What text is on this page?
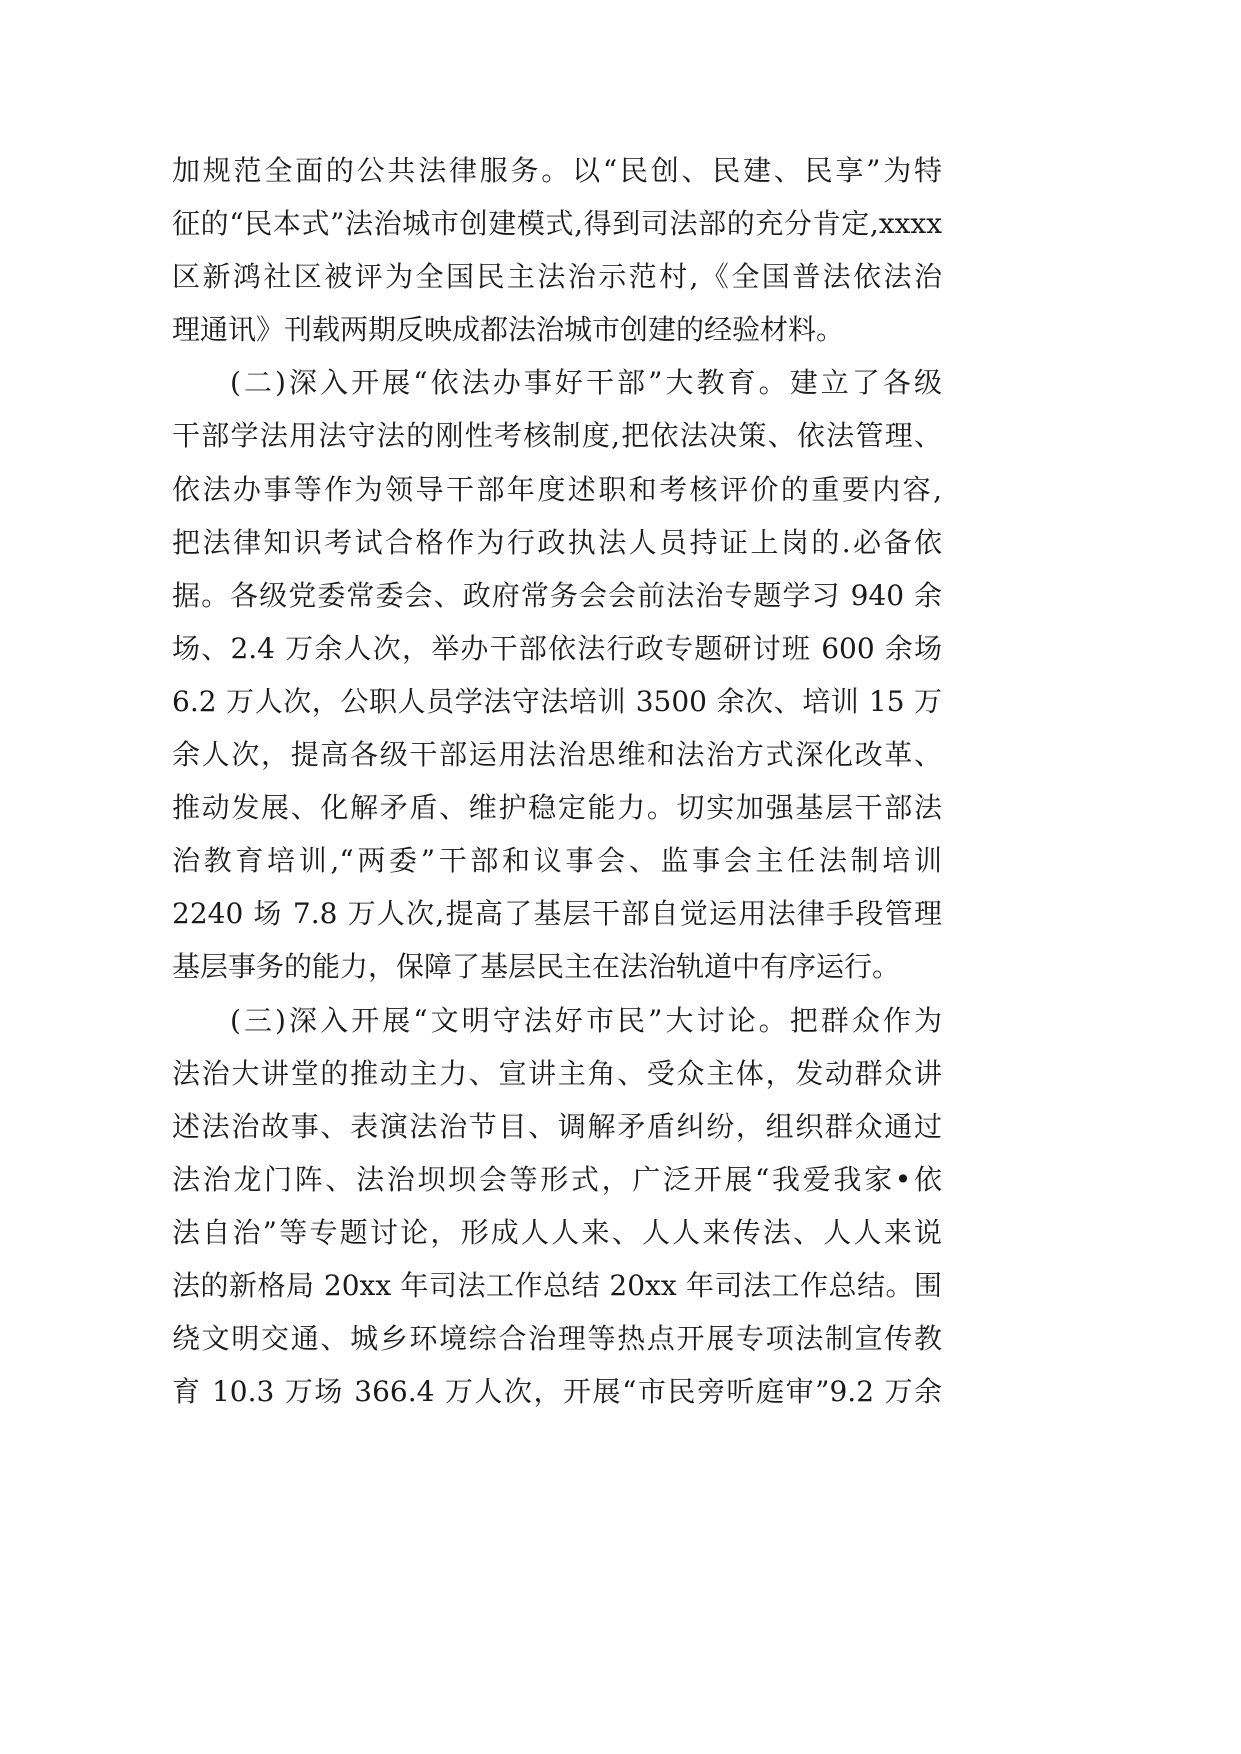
加规范全面的公共法律服务。以“民创、民建、民享”为特
征的“民本式”法治城市创建模式,得到司法部的充分肯定,xxxx
区新鸿社区被评为全国民主法治示范村,《全国普法依法治
理通讯》刊载两期反映成都法治城市创建的经验材料。
(二)深入开展“依法办事好干部”大教育。建立了各级
干部学法用法守法的刚性考核制度,把依法决策、依法管理、
依法办事等作为领导干部年度述职和考核评价的重要内容,
把法律知识考试合格作为行政执法人员持证上岗的.必备依
据。各级党委常委会、政府常务会会前法治专题学习 940 余
场、2.4 万余人次，举办干部依法行政专题研讨班 600 余场
6.2 万人次，公职人员学法守法培训 3500 余次、培训 15 万
余人次，提高各级干部运用法治思维和法治方式深化改革、
推动发展、化解矛盾、维护稳定能力。切实加强基层干部法
治教育培训,“两委”干部和议事会、监事会主任法制培训
2240 场 7.8 万人次,提高了基层干部自觉运用法律手段管理
基层事务的能力，保障了基层民主在法治轨道中有序运行。
(三)深入开展“文明守法好市民”大讨论。把群众作为
法治大讲堂的推动主力、宣讲主角、受众主体，发动群众讲
述法治故事、表演法治节目、调解矛盾纠纷，组织群众通过
法治龙门阵、法治坝坝会等形式，广泛开展“我爱我家•依
法自治”等专题讨论，形成人人来、人人来传法、人人来说
法的新格局 20xx 年司法工作总结 20xx 年司法工作总结。围
绕文明交通、城乡环境综合治理等热点开展专项法制宣传教
育 10.3 万场 366.4 万人次，开展“市民旁听庭审”9.2 万余
